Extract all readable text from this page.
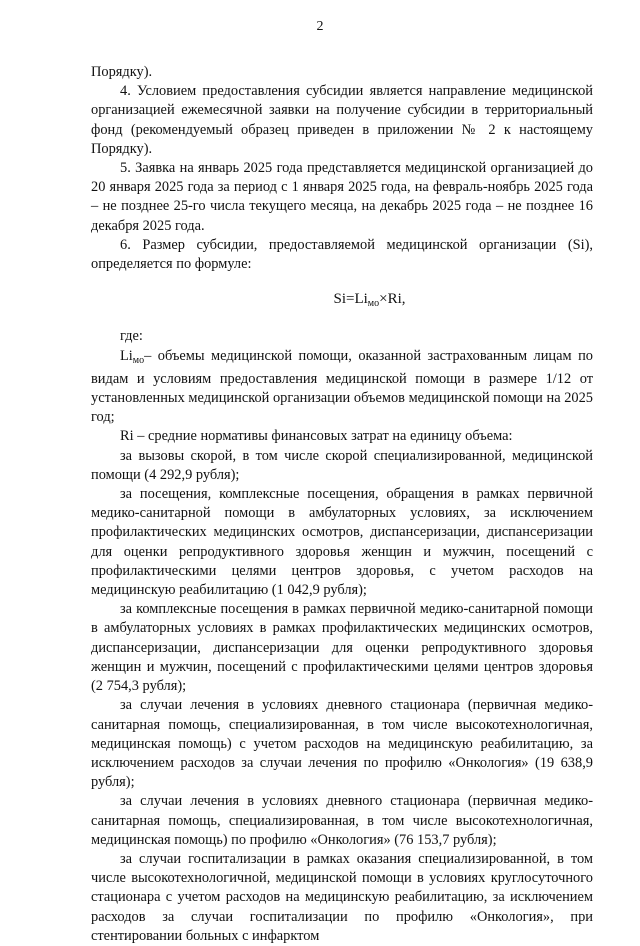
2

Порядку).

4. Условием предоставления субсидии является направление медицинской организацией ежемесячной заявки на получение субсидии в территориальный фонд (рекомендуемый образец приведен в приложении № 2 к настоящему Порядку).

5. Заявка на январь 2025 года представляется медицинской организацией до 20 января 2025 года за период с 1 января 2025 года, на февраль-ноябрь 2025 года – не позднее 25-го числа текущего месяца, на декабрь 2025 года – не позднее 16 декабря 2025 года.

6. Размер субсидии, предоставляемой медицинской организации (Si), определяется по формуле:

$Si=Li_{мо}\times Ri$,

где:

$Li_{мо}-$ объемы медицинской помощи, оказанной застрахованным лицам по видам и условиям предоставления медицинской помощи в размере 1/12 от установленных медицинской организации объемов медицинской помощи на 2025 год;

Ri – средние нормативы финансовых затрат на единицу объема:

за вызовы скорой, в том числе скорой специализированной, медицинской помощи (4 292,9 рубля);

за посещения, комплексные посещения, обращения в рамках первичной медико-санитарной помощи в амбулаторных условиях, за исключением профилактических медицинских осмотров, диспансеризации, диспансеризации для оценки репродуктивного здоровья женщин и мужчин, посещений с профилактическими целями центров здоровья, с учетом расходов на медицинскую реабилитацию (1 042,9 рубля);

за комплексные посещения в рамках первичной медико-санитарной помощи в амбулаторных условиях в рамках профилактических медицинских осмотров, диспансеризации, диспансеризации для оценки репродуктивного здоровья женщин и мужчин, посещений с профилактическими целями центров здоровья (2 754,3 рубля);

за случаи лечения в условиях дневного стационара (первичная медико-санитарная помощь, специализированная, в том числе высокотехнологичная, медицинская помощь) с учетом расходов на медицинскую реабилитацию, за исключением расходов за случаи лечения по профилю «Онкология» (19 638,9 рубля);

за случаи лечения в условиях дневного стационара (первичная медико-санитарная помощь, специализированная, в том числе высокотехнологичная, медицинская помощь) по профилю «Онкология» (76 153,7 рубля);

за случаи госпитализации в рамках оказания специализированной, в том числе высокотехнологичной, медицинской помощи в условиях круглосуточного стационара с учетом расходов на медицинскую реабилитацию, за исключением расходов за случаи госпитализации по профилю «Онкология», при стентировании больных с инфарктом
